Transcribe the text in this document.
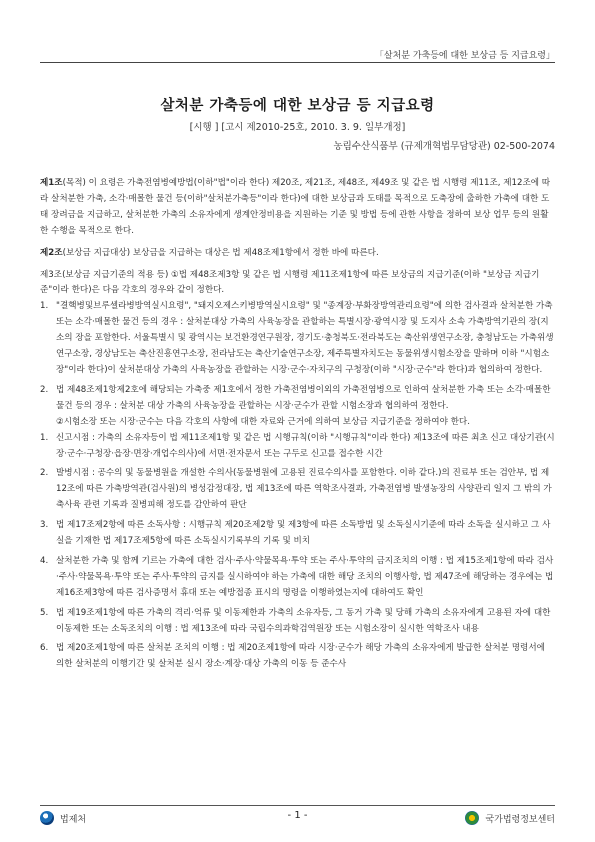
「살처분 가축등에 대한 보상금 등 지급요령」
살처분 가축등에 대한 보상금 등 지급요령
[시행 ] [고시 제2010-25호, 2010. 3. 9. 일부개정]
농림수산식품부 (규제개혁법무담당관) 02-500-2074

제1조(목적) 이 요령은 가축전염병예방법(이하"법"이라 한다) 제20조, 제21조, 제48조, 제49조 및 같은 법 시행령 제11조, 제12조에 따라 살처분한 가축, 소각·매몰한 물건 등(이하"살처분가축등"이라 한다)에 대한 보상금과 도태를 목적으로 도축장에 출하한 가축에 대한 도태 장려금을 지급하고, 살처분한 가축의 소유자에게 생계안정비용을 지원하는 기준 및 방법 등에 관한 사항을 정하여 보상 업무 등의 원활한 수행을 목적으로 한다.

제2조(보상금 지급대상) 보상금을 지급하는 대상은 법 제48조제1항에서 정한 바에 따른다.

제3조(보상금 지급기준의 적용 등) ①법 제48조제3항 및 같은 법 시행령 제11조제1항에 따른 보상금의 지급기준(이하 "보상금 지급기준"이라 한다)은 다음 각호의 경우와 같이 정한다.

1. "결핵병및브루셀라병방역실시요령", "돼지오제스키병방역실시요령" 및 "종계장·부화장방역관리요령"에 의한 검사결과 살처분한 가축 또는 소각·매몰한 물건 등의 경우 : 살처분대상 가축의 사육농장을 관할하는 특별시장·광역시장 및 도지사 소속 가축방역기관의 장(지소의 장을 포함한다. 서울특별시 및 광역시는 보건환경연구원장, 경기도·충청북도·전라북도는 축산위생연구소장, 충청남도는 가축위생연구소장, 경상남도는 축산진흥연구소장, 전라남도는 축산기술연구소장, 제주특별자치도는 동물위생시험소장을 말하며 이하 "시험소장"이라 한다)이 살처분대상 가축의 사육농장을 관할하는 시장·군수·자치구의 구청장(이하 "시장·군수"라 한다)과 협의하여 정한다.
2. 법 제48조제1항제2호에 해당되는 가축중 제1호에서 정한 가축전염병이외의 가축전염병으로 인하여 살처분한 가축 또는 소각·매몰한 물건 등의 경우 : 살처분 대상 가축의 사육농장을 관할하는 시장·군수가 관할 시험소장과 협의하여 정한다.

②시험소장 또는 시장·군수는 다음 각호의 사항에 대한 자료와 근거에 의하여 보상금 지급기준을 정하여야 한다.

1. 신고시점 : 가축의 소유자등이 법 제11조제1항 및 같은 법 시행규칙(이하 "시행규칙"이라 한다) 제13조에 따른 최초 신고 대상기관(시장·군수·구청장·읍장·면장·개업수의사)에 서면·전자문서 또는 구두로 신고를 접수한 시간
2. 발병시점 : 공수의 및 동물병원을 개설한 수의사(동물병원에 고용된 진료수의사를 포함한다. 이하 같다.)의 진료부 또는 검안부, 법 제12조에 따른 가축방역관(검사원)의 병성감정대장, 법 제13조에 따른 역학조사결과, 가축전염병 발생농장의 사양관리 일지 그 밖의 가축사육 관련 기록과 질병피해 정도를 감안하여 판단
3. 법 제17조제2항에 따른 소독사항 : 시행규칙 제20조제2항 및 제3항에 따른 소독방법 및 소독실시기준에 따라 소독을 실시하고 그 사실을 기재한 법 제17조제5항에 따른 소독실시기록부의 기록 및 비치
4. 살처분한 가축 및 함께 기르는 가축에 대한 검사·주사·약물목욕·투약 또는 주사·투약의 금지조치의 이행 : 법 제15조제1항에 따라 검사·주사·약물목욕·투약 또는 주사·투약의 금지를 실시하여야 하는 가축에 대한 해당 조치의 이행사항, 법 제47조에 해당하는 경우에는 법 제16조제3항에 따른 검사증명서 휴대 또는 예방접종 표시의 명령을 이행하였는지에 대하여도 확인
5. 법 제19조제1항에 따른 가축의 격리·억류 및 이동제한과 가축의 소유자등, 그 동거 가축 및 당해 가축의 소유자에게 고용된 자에 대한 이동제한 또는 소독조치의 이행 : 법 제13조에 따라 국립수의과학검역원장 또는 시험소장이 실시한 역학조사 내용
6. 법 제20조제1항에 따른 살처분 조치의 이행 : 법 제20조제1항에 따라 시장·군수가 해당 가축의 소유자에게 발급한 살처분 명령서에 의한 살처분의 이행기간 및 살처분 실시 장소·계장·대상 가축의 이동 등 준수사
법제처	- 1 -	국가법령정보센터
